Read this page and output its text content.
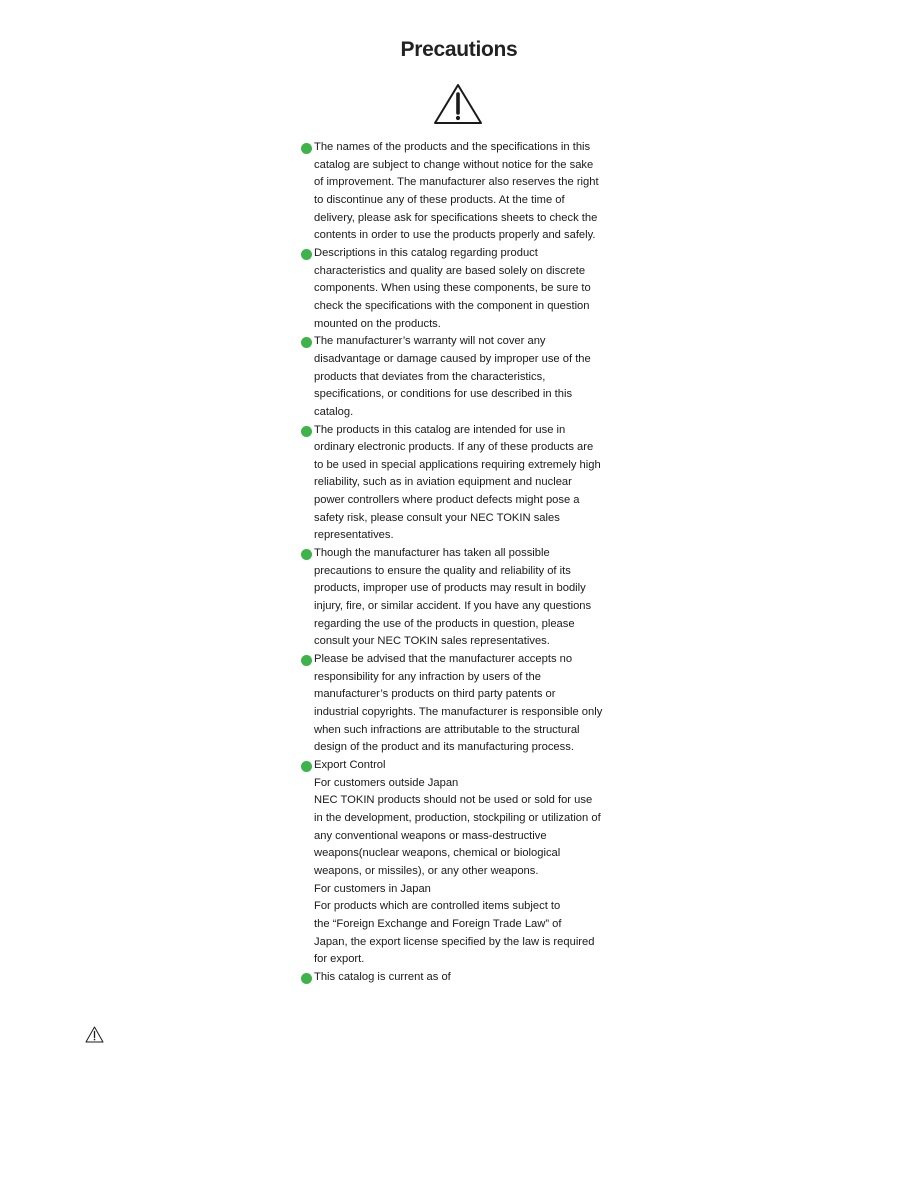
Precautions
The names of the products and the specifications in this
catalog are subject to change without notice for the sake
of improvement. The manufacturer also reserves the right
to discontinue any of these products. At the time of
delivery, please ask for specifications sheets to check the
contents in order to use the products properly and safely.
Descriptions in this catalog regarding product
characteristics and quality are based solely on discrete
components. When using these components, be sure to
check the specifications with the component in question
mounted on the products.
The manufacturer’s warranty will not cover any
disadvantage or damage caused by improper use of the
products that deviates from the characteristics,
specifications, or conditions for use described in this
catalog.
The products in this catalog are intended for use in
ordinary electronic products. If any of these products are
to be used in special applications requiring extremely high
reliability, such as in aviation equipment and nuclear
power controllers where product defects might pose a
safety risk, please consult your NEC TOKIN sales
representatives.
Though the manufacturer has taken all possible
precautions to ensure the quality and reliability of its
products, improper use of products may result in bodily
injury, fire, or similar accident. If you have any questions
regarding the use of the products in question, please
consult your NEC TOKIN sales representatives.
Please be advised that the manufacturer accepts no
responsibility for any infraction by users of the
manufacturer’s products on third party patents or
industrial copyrights. The manufacturer is responsible only
when such infractions are attributable to the structural
design of the product and its manufacturing process.
Export Control
For customers outside Japan
NEC TOKIN products should not be used or sold for use
in the development, production, stockpiling or utilization of
any conventional weapons or mass-destructive
weapons(nuclear weapons, chemical or biological
weapons, or missiles), or any other weapons.
For customers in Japan
For products which are controlled items subject to
the “Foreign Exchange and Foreign Trade Law” of
Japan, the export license specified by the law is required
for export.
This catalog is current as of
